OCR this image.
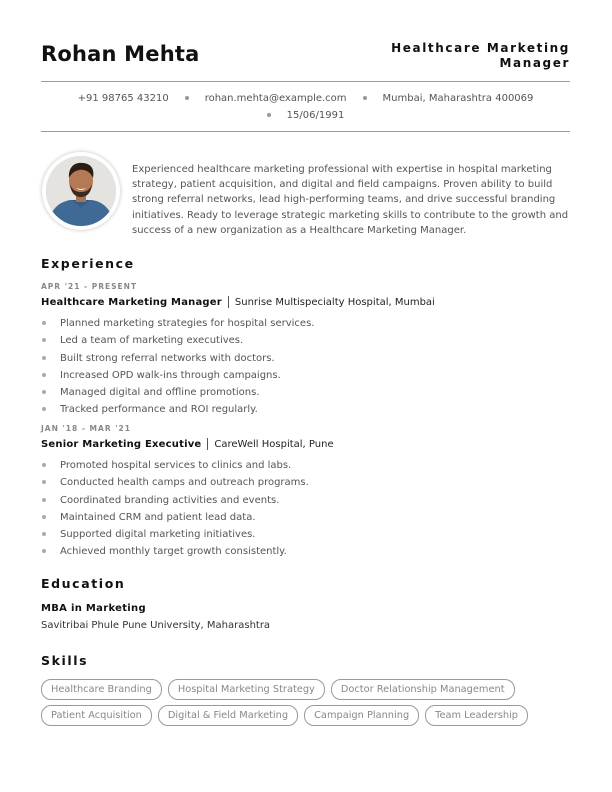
Rohan Mehta	Healthcare Marketing
Manager
+91 98765 43210	rohan.mehta@example.com	Mumbai, Maharashtra 400069
15/06/1991
Experienced healthcare marketing professional with expertise in hospital marketing strategy, patient acquisition, and digital and field campaigns. Proven ability to build strong referral networks, lead high-performing teams, and drive successful branding initiatives. Ready to leverage strategic marketing skills to contribute to the growth and success of a new organization as a Healthcare Marketing Manager.
Experience
APR '21 - PRESENT
Healthcare Marketing Manager Sunrise Multispecialty Hospital, Mumbai
Planned marketing strategies for hospital services.
Led a team of marketing executives.
Built strong referral networks with doctors.
Increased OPD walk-ins through campaigns.
Managed digital and offline promotions.
Tracked performance and ROI regularly.
JAN '18 - MAR '21
Senior Marketing Executive CareWell Hospital, Pune
Promoted hospital services to clinics and labs.
Conducted health camps and outreach programs.
Coordinated branding activities and events.
Maintained CRM and patient lead data.
Supported digital marketing initiatives.
Achieved monthly target growth consistently.
Education
MBA in Marketing
Savitribai Phule Pune University, Maharashtra
Skills
Healthcare Branding	Hospital Marketing Strategy	Doctor Relationship Management
Patient Acquisition	Digital & Field Marketing	Campaign Planning	Team Leadership
